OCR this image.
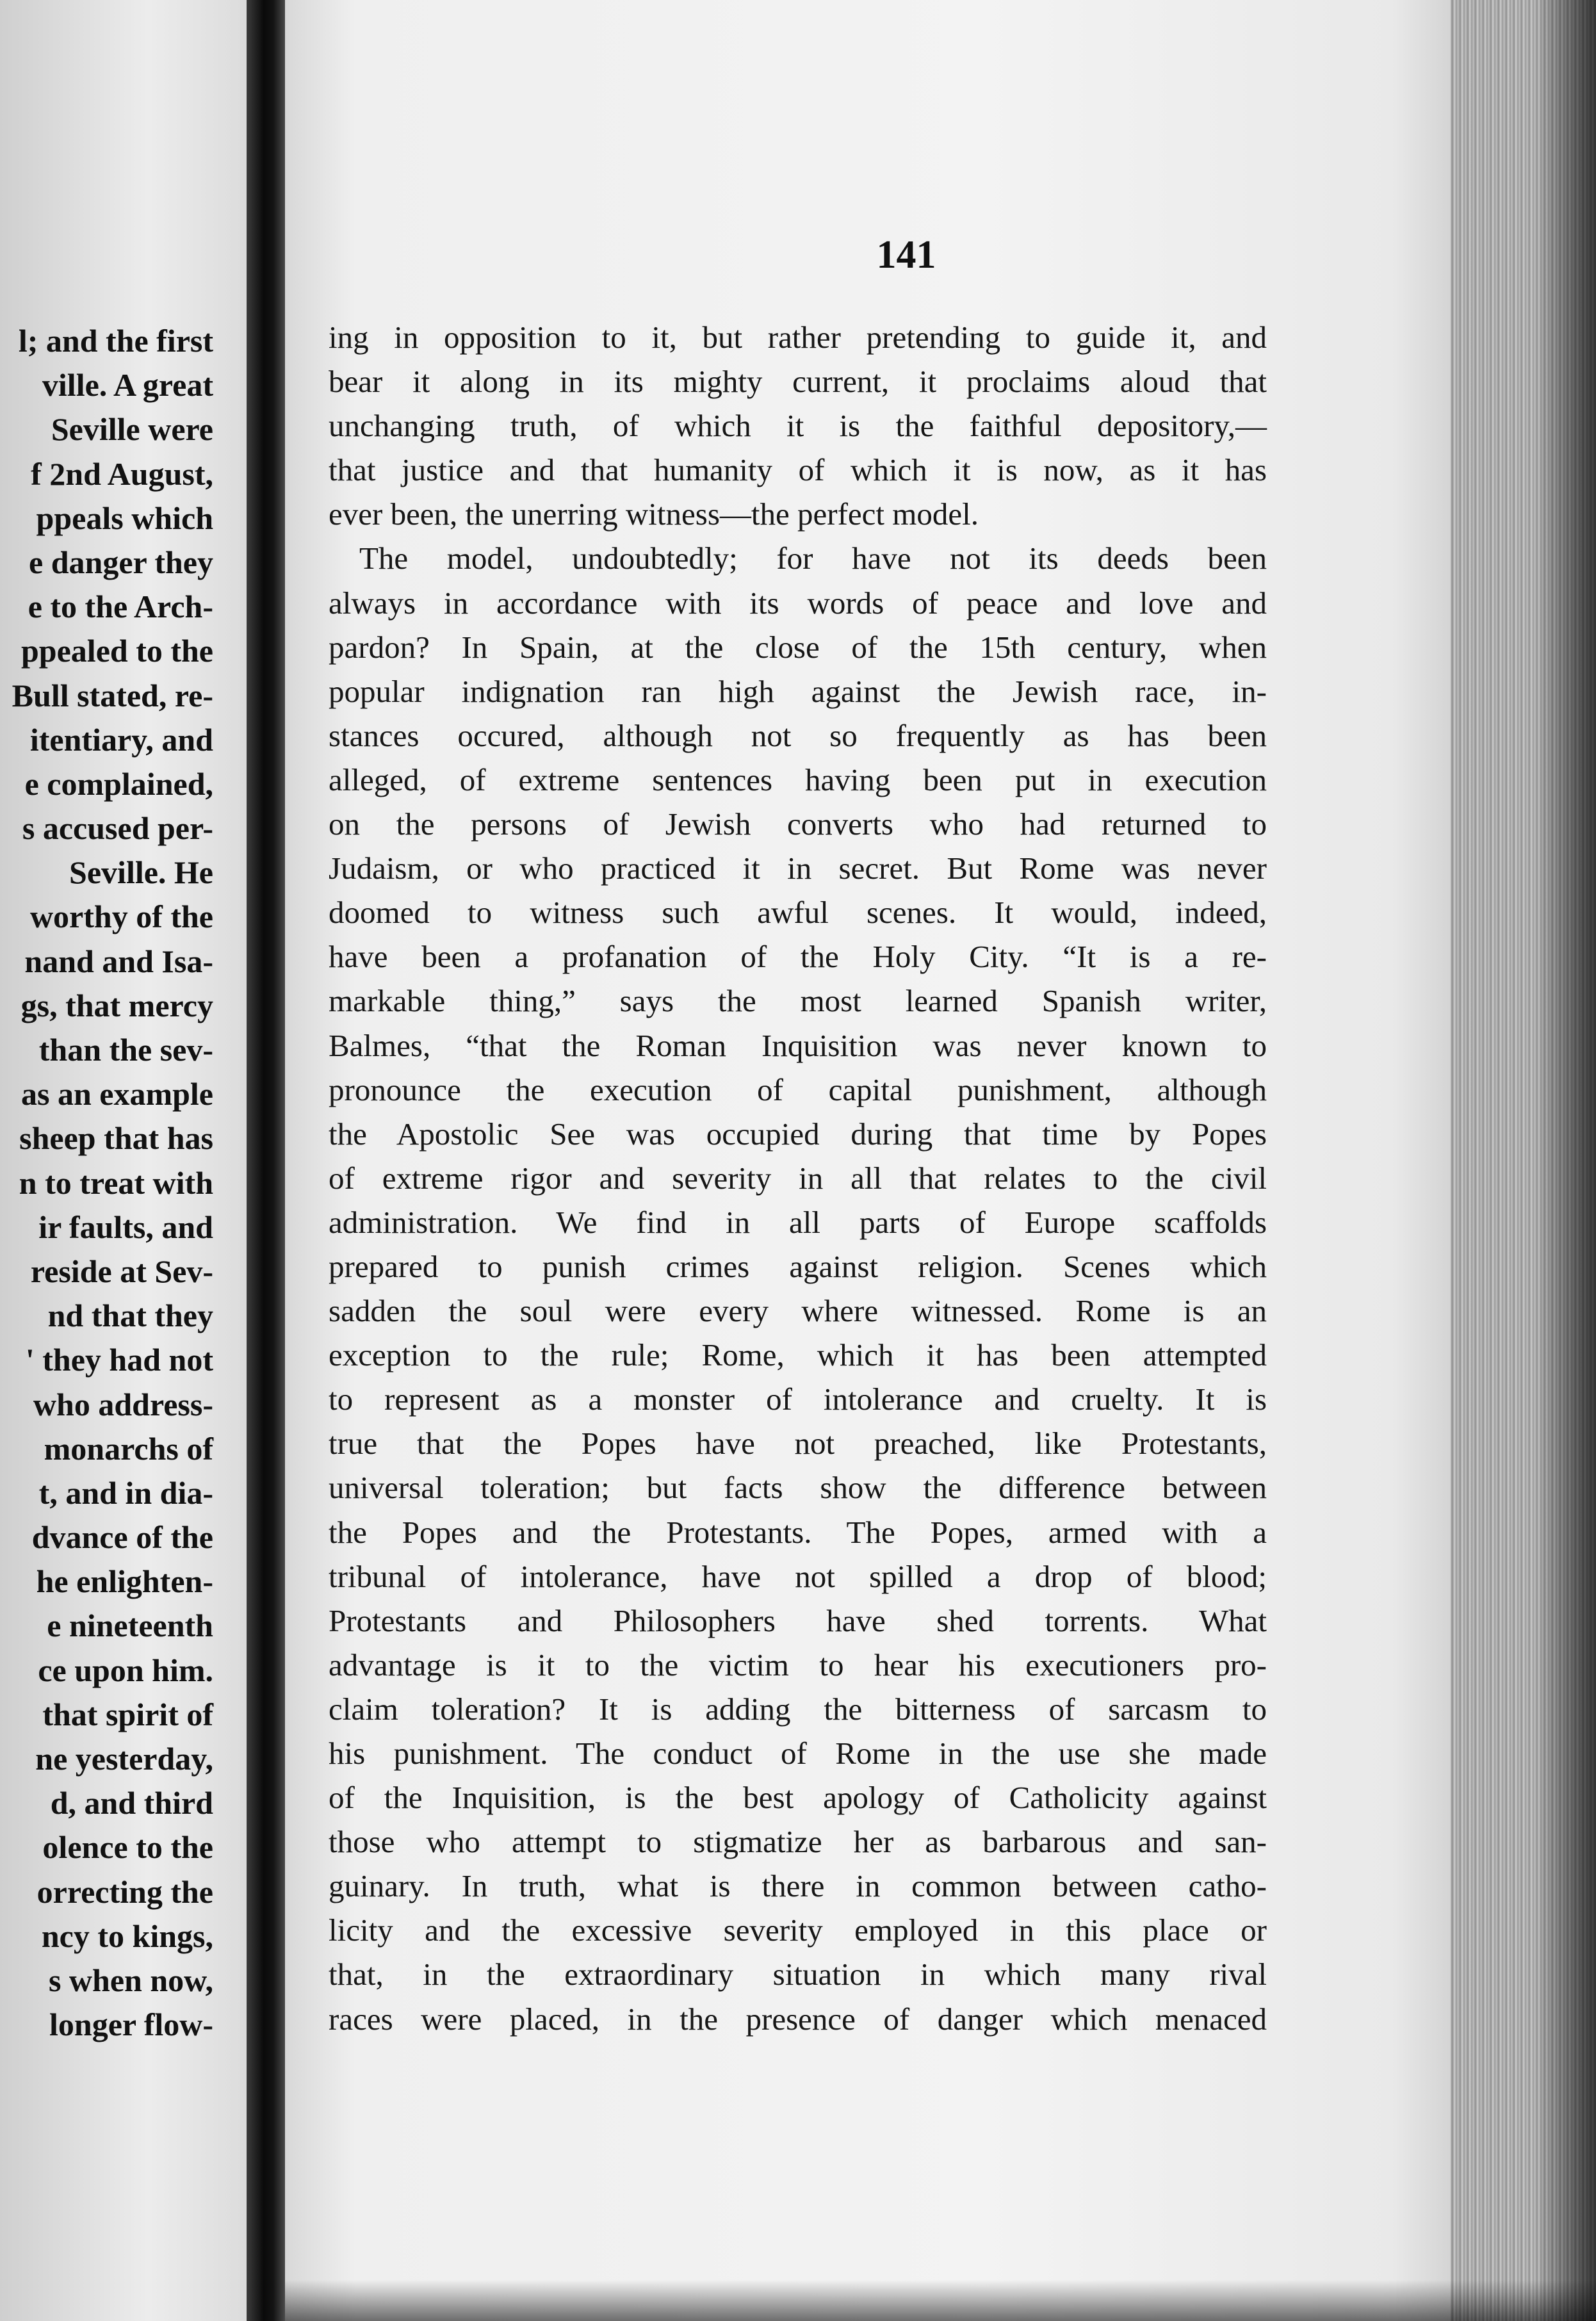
l; and the first
ville. A great
Seville were
f 2nd August,
ppeals which
e danger they
e to the Arch-
ppealed to the
Bull stated, re-
itentiary, and
e complained,
s accused per-
Seville. He
worthy of the
nand and Isa-
gs, that mercy
than the sev-
as an example
sheep that has
n to treat with
ir faults, and
reside at Sev-
nd that they
' they had not
who address-
monarchs of
t, and in dia-
dvance of the
he enlighten-
e nineteenth
ce upon him.
that spirit of
ne yesterday,
d, and third
olence to the
orrecting the
ncy to kings,
s when now,
longer flow-
141
ing in opposition to it, but rather pretending to guide it, and
bear it along in its mighty current, it proclaims aloud that
unchanging truth, of which it is the faithful depository,—
that justice and that humanity of which it is now, as it has
ever been, the unerring witness—the perfect model.
The model, undoubtedly; for have not its deeds been
always in accordance with its words of peace and love and
pardon? In Spain, at the close of the 15th century, when
popular indignation ran high against the Jewish race, in-
stances occured, although not so frequently as has been
alleged, of extreme sentences having been put in execution
on the persons of Jewish converts who had returned to
Judaism, or who practiced it in secret. But Rome was never
doomed to witness such awful scenes. It would, indeed,
have been a profanation of the Holy City. “It is a re-
markable thing,” says the most learned Spanish writer,
Balmes, “that the Roman Inquisition was never known to
pronounce the execution of capital punishment, although
the Apostolic See was occupied during that time by Popes
of extreme rigor and severity in all that relates to the civil
administration. We find in all parts of Europe scaffolds
prepared to punish crimes against religion. Scenes which
sadden the soul were every where witnessed. Rome is an
exception to the rule; Rome, which it has been attempted
to represent as a monster of intolerance and cruelty. It is
true that the Popes have not preached, like Protestants,
universal toleration; but facts show the difference between
the Popes and the Protestants. The Popes, armed with a
tribunal of intolerance, have not spilled a drop of blood;
Protestants and Philosophers have shed torrents. What
advantage is it to the victim to hear his executioners pro-
claim toleration? It is adding the bitterness of sarcasm to
his punishment. The conduct of Rome in the use she made
of the Inquisition, is the best apology of Catholicity against
those who attempt to stigmatize her as barbarous and san-
guinary. In truth, what is there in common between catho-
licity and the excessive severity employed in this place or
that, in the extraordinary situation in which many rival
races were placed, in the presence of danger which menaced
